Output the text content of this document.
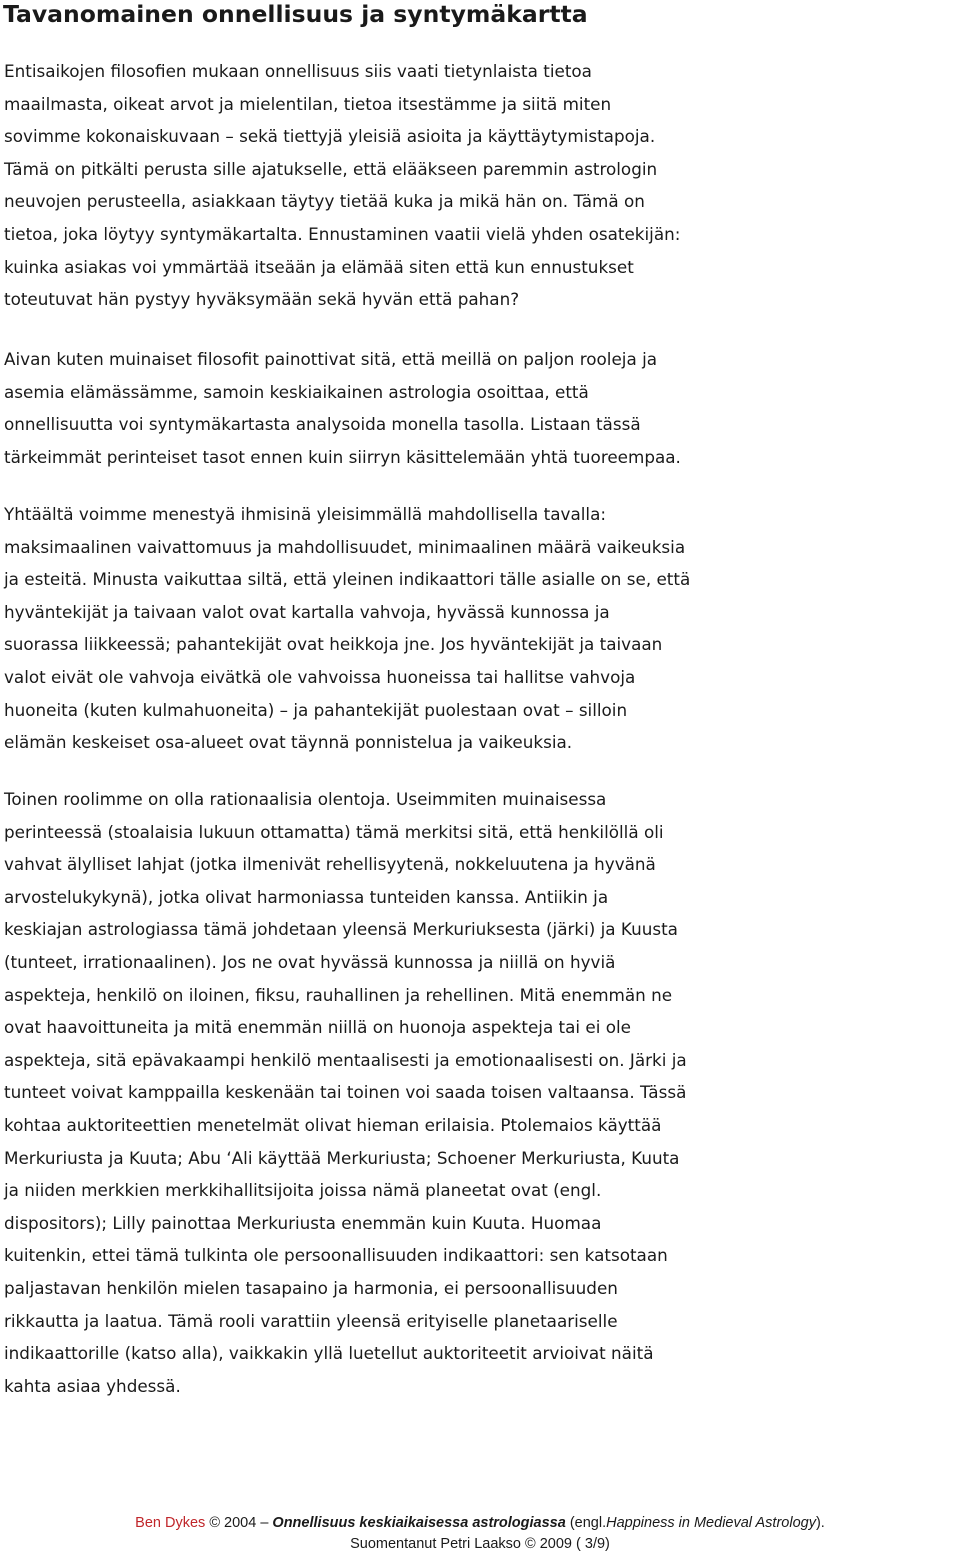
Tavanomainen onnellisuus ja syntymäkartta
Entisaikojen filosofien mukaan onnellisuus siis vaati tietynlaista tietoa
maailmasta, oikeat arvot ja mielentilan, tietoa itsestämme ja siitä miten
sovimme kokonaiskuvaan – sekä tiettyjä yleisiä asioita ja käyttäytymistapoja.
Tämä on pitkälti perusta sille ajatukselle, että elääkseen paremmin astrologin
neuvojen perusteella, asiakkaan täytyy tietää kuka ja mikä hän on. Tämä on
tietoa, joka löytyy syntymäkartalta. Ennustaminen vaatii vielä yhden osatekijän:
kuinka asiakas voi ymmärtää itseään ja elämää siten että kun ennustukset
toteutuvat hän pystyy hyväksymään sekä hyvän että pahan?
Aivan kuten muinaiset filosofit painottivat sitä, että meillä on paljon rooleja ja
asemia elämässämme, samoin keskiaikainen astrologia osoittaa, että
onnellisuutta voi syntymäkartasta analysoida monella tasolla. Listaan tässä
tärkeimmät perinteiset tasot ennen kuin siirryn käsittelemään yhtä tuoreempaa.
Yhtäältä voimme menestyä ihmisinä yleisimmällä mahdollisella tavalla:
maksimaalinen vaivattomuus ja mahdollisuudet, minimaalinen määrä vaikeuksia
ja esteitä. Minusta vaikuttaa siltä, että yleinen indikaattori tälle asialle on se, että
hyväntekijät ja taivaan valot ovat kartalla vahvoja, hyvässä kunnossa ja
suorassa liikkeessä; pahantekijät ovat heikkoja jne. Jos hyväntekijät ja taivaan
valot eivät ole vahvoja eivätkä ole vahvoissa huoneissa tai hallitse vahvoja
huoneita (kuten kulmahuoneita) – ja pahantekijät puolestaan ovat – silloin
elämän keskeiset osa-alueet ovat täynnä ponnistelua ja vaikeuksia.
Toinen roolimme on olla rationaalisia olentoja. Useimmiten muinaisessa
perinteessä (stoalaisia lukuun ottamatta) tämä merkitsi sitä, että henkilöllä oli
vahvat älylliset lahjat (jotka ilmenivät rehellisyytenä, nokkeluutena ja hyvänä
arvostelukykynä), jotka olivat harmoniassa tunteiden kanssa. Antiikin ja
keskiajan astrologiassa tämä johdetaan yleensä Merkuriuksesta (järki) ja Kuusta
(tunteet, irrationaalinen). Jos ne ovat hyvässä kunnossa ja niillä on hyviä
aspekteja, henkilö on iloinen, fiksu, rauhallinen ja rehellinen. Mitä enemmän ne
ovat haavoittuneita ja mitä enemmän niillä on huonoja aspekteja tai ei ole
aspekteja, sitä epävakaampi henkilö mentaalisesti ja emotionaalisesti on. Järki ja
tunteet voivat kamppailla keskenään tai toinen voi saada toisen valtaansa. Tässä
kohtaa auktoriteettien menetelmät olivat hieman erilaisia. Ptolemaios käyttää
Merkuriusta ja Kuuta; Abu ‘Ali käyttää Merkuriusta; Schoener Merkuriusta, Kuuta
ja niiden merkkien merkkihallitsijoita joissa nämä planeetat ovat (engl.
dispositors); Lilly painottaa Merkuriusta enemmän kuin Kuuta. Huomaa
kuitenkin, ettei tämä tulkinta ole persoonallisuuden indikaattori: sen katsotaan
paljastavan henkilön mielen tasapaino ja harmonia, ei persoonallisuuden
rikkautta ja laatua. Tämä rooli varattiin yleensä erityiselle planetaariselle
indikaattorille (katso alla), vaikkakin yllä luetellut auktoriteetit arvioivat näitä
kahta asiaa yhdessä.
Ben Dykes © 2004 – Onnellisuus keskiaikaisessa astrologiassa (engl.Happiness in Medieval Astrology).
Suomentanut Petri Laakso © 2009 ( 3/9)
